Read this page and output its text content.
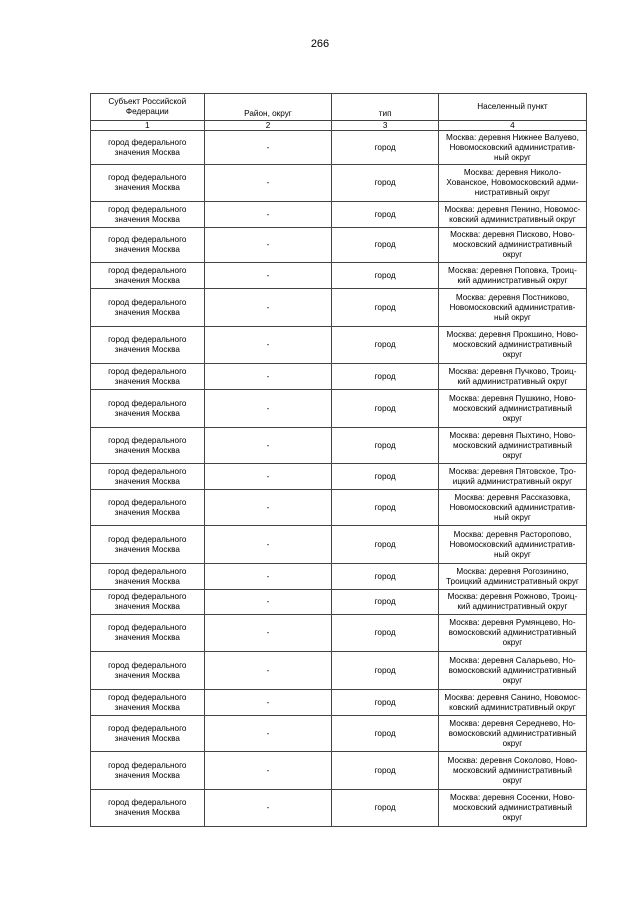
266
Субъект Российской
Федерации	Район, округ	тип	Населенный пункт
1	2	3	4
город федерального
значения Москва	-	город	Москва: деревня Нижнее Валуево,
Новомосковский административ-
ный округ
город федерального
значения Москва	-	город	Москва: деревня Николо-
Хованское, Новомосковский адми-
нистративный округ
город федерального
значения Москва	-	город	Москва: деревня Пенино, Новомос-
ковский административный округ
город федерального
значения Москва	-	город	Москва: деревня Писково, Ново-
московский административный
округ
город федерального
значения Москва	-	город	Москва: деревня Поповка, Троиц-
кий административный округ
город федерального
значения Москва	-	город	Москва: деревня Постниково,
Новомосковский административ-
ный округ
город федерального
значения Москва	-	город	Москва: деревня Прокшино, Ново-
московский административный
округ
город федерального
значения Москва	-	город	Москва: деревня Пучково, Троиц-
кий административный округ
город федерального
значения Москва	-	город	Москва: деревня Пушкино, Ново-
московский административный
округ
город федерального
значения Москва	-	город	Москва: деревня Пыхтино, Ново-
московский административный
округ
город федерального
значения Москва	-	город	Москва: деревня Пятовское, Тро-
ицкий административный округ
город федерального
значения Москва	-	город	Москва: деревня Рассказовка,
Новомосковский административ-
ный округ
город федерального
значения Москва	-	город	Москва: деревня Расторопово,
Новомосковский административ-
ный округ
город федерального
значения Москва	-	город	Москва: деревня Рогозинино,
Троицкий административный округ
город федерального
значения Москва	-	город	Москва: деревня Рожново, Троиц-
кий административный округ
город федерального
значения Москва	-	город	Москва: деревня Румянцево, Но-
вомосковский административный
округ
город федерального
значения Москва	-	город	Москва: деревня Саларьево, Но-
вомосковский административный
округ
город федерального
значения Москва	-	город	Москва: деревня Санино, Новомос-
ковский административный округ
город федерального
значения Москва	-	город	Москва: деревня Середнево, Но-
вомосковский административный
округ
город федерального
значения Москва	-	город	Москва: деревня Соколово, Ново-
московский административный
округ
город федерального
значения Москва	-	город	Москва: деревня Сосенки, Ново-
московский административный
округ
